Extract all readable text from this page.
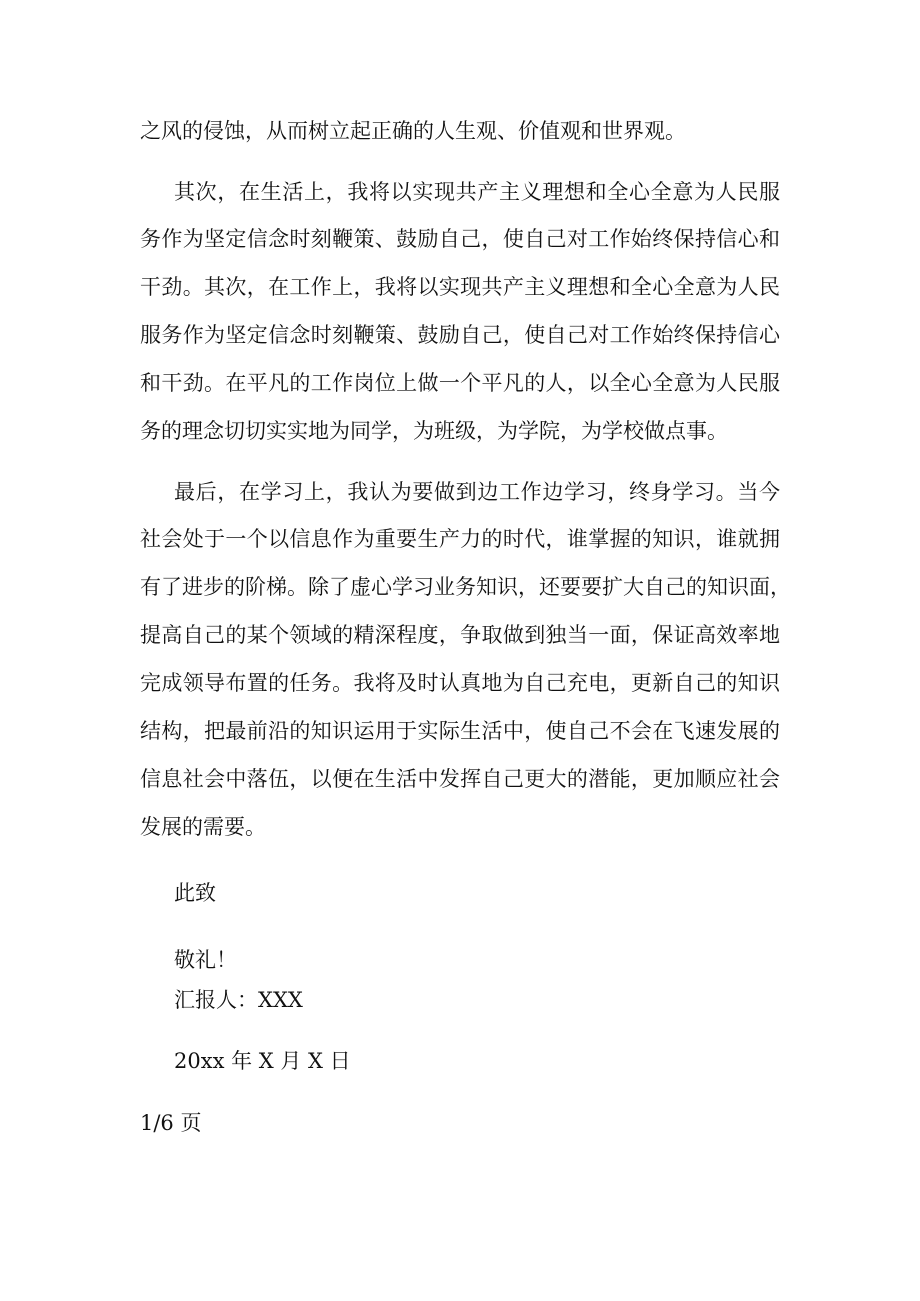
之风的侵蚀，从而树立起正确的人生观、价值观和世界观。
其次，在生活上，我将以实现共产主义理想和全心全意为人民服
务作为坚定信念时刻鞭策、鼓励自己，使自己对工作始终保持信心和
干劲。其次，在工作上，我将以实现共产主义理想和全心全意为人民
服务作为坚定信念时刻鞭策、鼓励自己，使自己对工作始终保持信心
和干劲。在平凡的工作岗位上做一个平凡的人，以全心全意为人民服
务的理念切切实实地为同学，为班级，为学院，为学校做点事。
最后，在学习上，我认为要做到边工作边学习，终身学习。当今
社会处于一个以信息作为重要生产力的时代，谁掌握的知识，谁就拥
有了进步的阶梯。除了虚心学习业务知识，还要要扩大自己的知识面，
提高自己的某个领域的精深程度，争取做到独当一面，保证高效率地
完成领导布置的任务。我将及时认真地为自己充电，更新自己的知识
结构，把最前沿的知识运用于实际生活中，使自己不会在飞速发展的
信息社会中落伍，以便在生活中发挥自己更大的潜能，更加顺应社会
发展的需要。
此致
敬礼！
汇报人：XXX
20xx 年 X 月 X 日
1/6 页
